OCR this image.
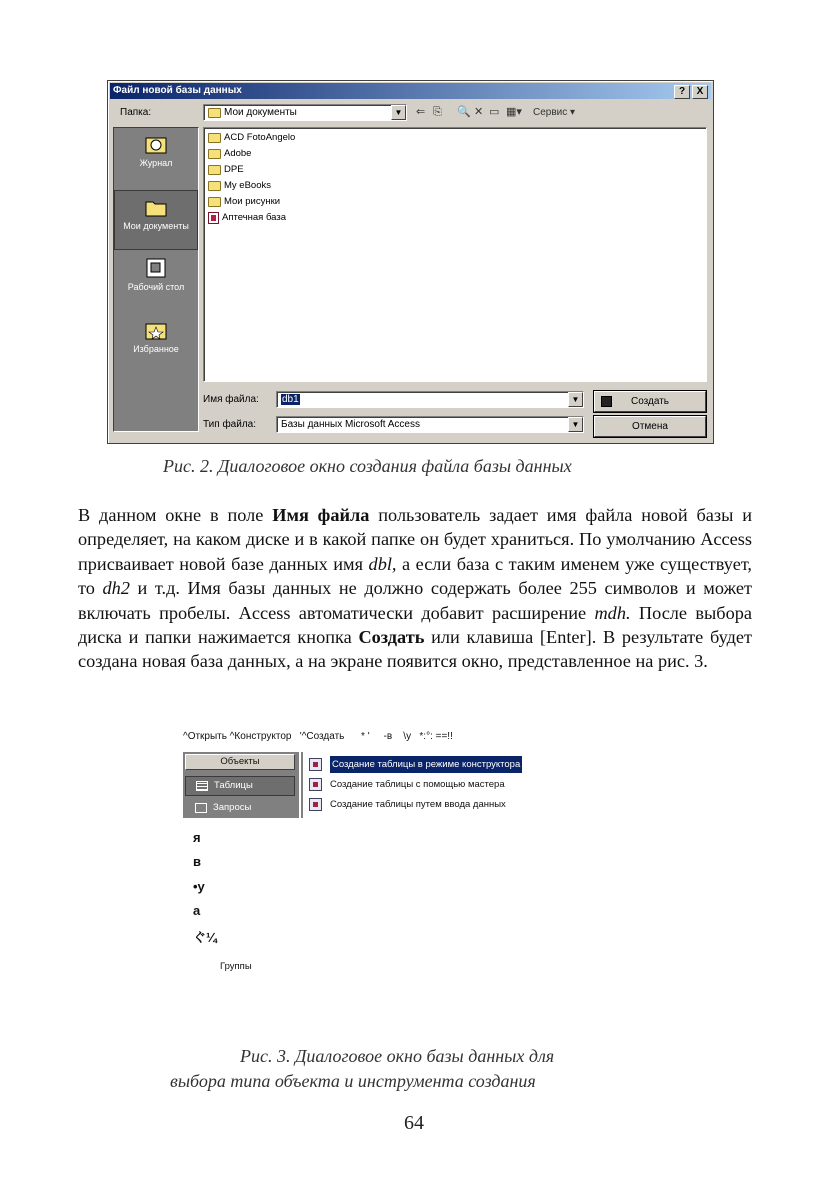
Файл новой базы данных	?	X
Папка:	Мои документы	▼	⇐ ⎘ 🔍 ✕ ▭ ▦▾ Сервис ▾
Журнал
Мои документы
Рабочий стол
Избранное
ACD FotoAngelo
Adobe
DPE
My eBooks
Мои рисунки
Аптечная база
Имя файла:	db1	▼
Тип файла:	Базы данных Microsoft Access	▼
Создать
Отмена
Рис. 2. Диалоговое окно создания файла базы данных
В данном окне в поле Имя файла пользователь задает имя файла новой базы и определяет, на каком диске и в какой папке он будет храниться. По умолчанию Access присваивает новой базе данных имя dbl, а если база с таким именем уже существует, то dh2 и т.д. Имя базы данных не должно содержать более 255 символов и может включать пробелы. Access автоматически добавит расширение mdh. После выбора диска и папки нажимается кнопка Создать или клавиша [Enter]. В результате будет создана новая база данных, а на экране появится окно, представленное на рис. 3.
^Открыть ^Конструктор   '^Создать      * '     -в    \у   *:°: ==!!
Объекты
Таблицы
Запросы
Создание таблицы в режиме конструктора
Создание таблицы с помощью мастера
Создание таблицы путем ввода данных
я
в
•у
а
ぐ¼
Группы
Рис. 3. Диалоговое окно базы данных для
выбора типа объекта и инструмента создания
64
